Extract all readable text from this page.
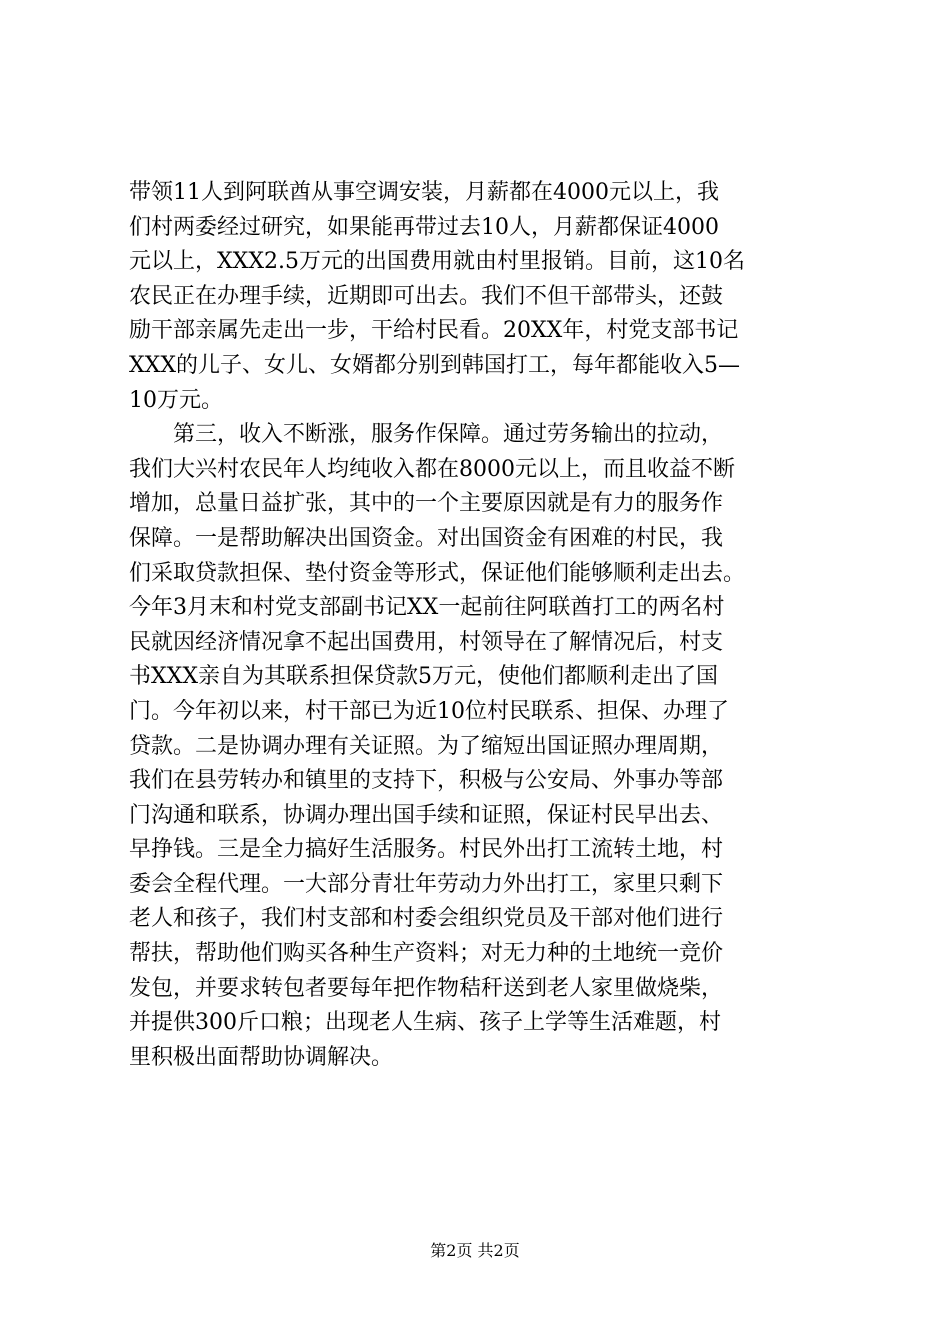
带领11人到阿联酋从事空调安装，月薪都在4000元以上，我
们村两委经过研究，如果能再带过去10人，月薪都保证4000
元以上，XXX2.5万元的出国费用就由村里报销。目前，这10名
农民正在办理手续，近期即可出去。我们不但干部带头，还鼓
励干部亲属先走出一步，干给村民看。20XX年，村党支部书记
XXX的儿子、女儿、女婿都分别到韩国打工，每年都能收入5—
10万元。
　　第三，收入不断涨，服务作保障。通过劳务输出的拉动，
我们大兴村农民年人均纯收入都在8000元以上，而且收益不断
增加，总量日益扩张，其中的一个主要原因就是有力的服务作
保障。一是帮助解决出国资金。对出国资金有困难的村民，我
们采取贷款担保、垫付资金等形式，保证他们能够顺利走出去。
今年3月末和村党支部副书记XX一起前往阿联酋打工的两名村
民就因经济情况拿不起出国费用，村领导在了解情况后，村支
书XXX亲自为其联系担保贷款5万元，使他们都顺利走出了国
门。今年初以来，村干部已为近10位村民联系、担保、办理了
贷款。二是协调办理有关证照。为了缩短出国证照办理周期，
我们在县劳转办和镇里的支持下，积极与公安局、外事办等部
门沟通和联系，协调办理出国手续和证照，保证村民早出去、
早挣钱。三是全力搞好生活服务。村民外出打工流转土地，村
委会全程代理。一大部分青壮年劳动力外出打工，家里只剩下
老人和孩子，我们村支部和村委会组织党员及干部对他们进行
帮扶，帮助他们购买各种生产资料；对无力种的土地统一竞价
发包，并要求转包者要每年把作物秸秆送到老人家里做烧柴，
并提供300斤口粮；出现老人生病、孩子上学等生活难题，村
里积极出面帮助协调解决。
第2页 共2页
